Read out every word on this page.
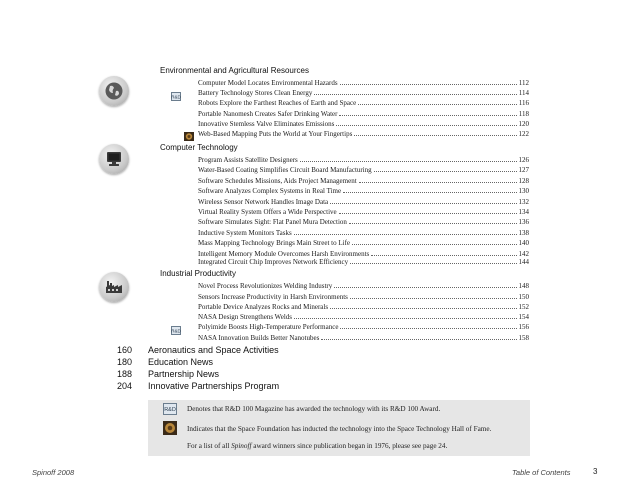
Environmental and Agricultural Resources
R&D
Computer Model Locates Environmental Hazards	112
Battery Technology Stores Clean Energy	114
Robots Explore the Farthest Reaches of Earth and Space	116
Portable Nanomesh Creates Safer Drinking Water	118
Innovative Stemless Valve Eliminates Emissions	120
Web-Based Mapping Puts the World at Your Fingertips	122
Computer Technology
Program Assists Satellite Designers	126
Water-Based Coating Simplifies Circuit Board Manufacturing	127
Software Schedules Missions, Aids Project Management	128
Software Analyzes Complex Systems in Real Time	130
Wireless Sensor Network Handles Image Data	132
Virtual Reality System Offers a Wide Perspective	134
Software Simulates Sight: Flat Panel Mura Detection	136
Inductive System Monitors Tasks	138
Mass Mapping Technology Brings Main Street to Life	140
Intelligent Memory Module Overcomes Harsh Environments	142
Integrated Circuit Chip Improves Network Efficiency	144
Industrial Productivity
Novel Process Revolutionizes Welding Industry	148
Sensors Increase Productivity in Harsh Environments	150
Portable Device Analyzes Rocks and Minerals	152
NASA Design Strengthens Welds	154
R&D Polyimide Boosts High-Temperature Performance	156
NASA Innovation Builds Better Nanotubes	158
160 Aeronautics and Space Activities
180 Education News
188 Partnership News
204 Innovative Partnerships Program
R&D Denotes that R&D 100 Magazine has awarded the technology with its R&D 100 Award.
Indicates that the Space Foundation has inducted the technology into the Space Technology Hall of Fame.
For a list of all Spinoff award winners since publication began in 1976, please see page 24.
Spinoff 2008	Table of Contents	3
